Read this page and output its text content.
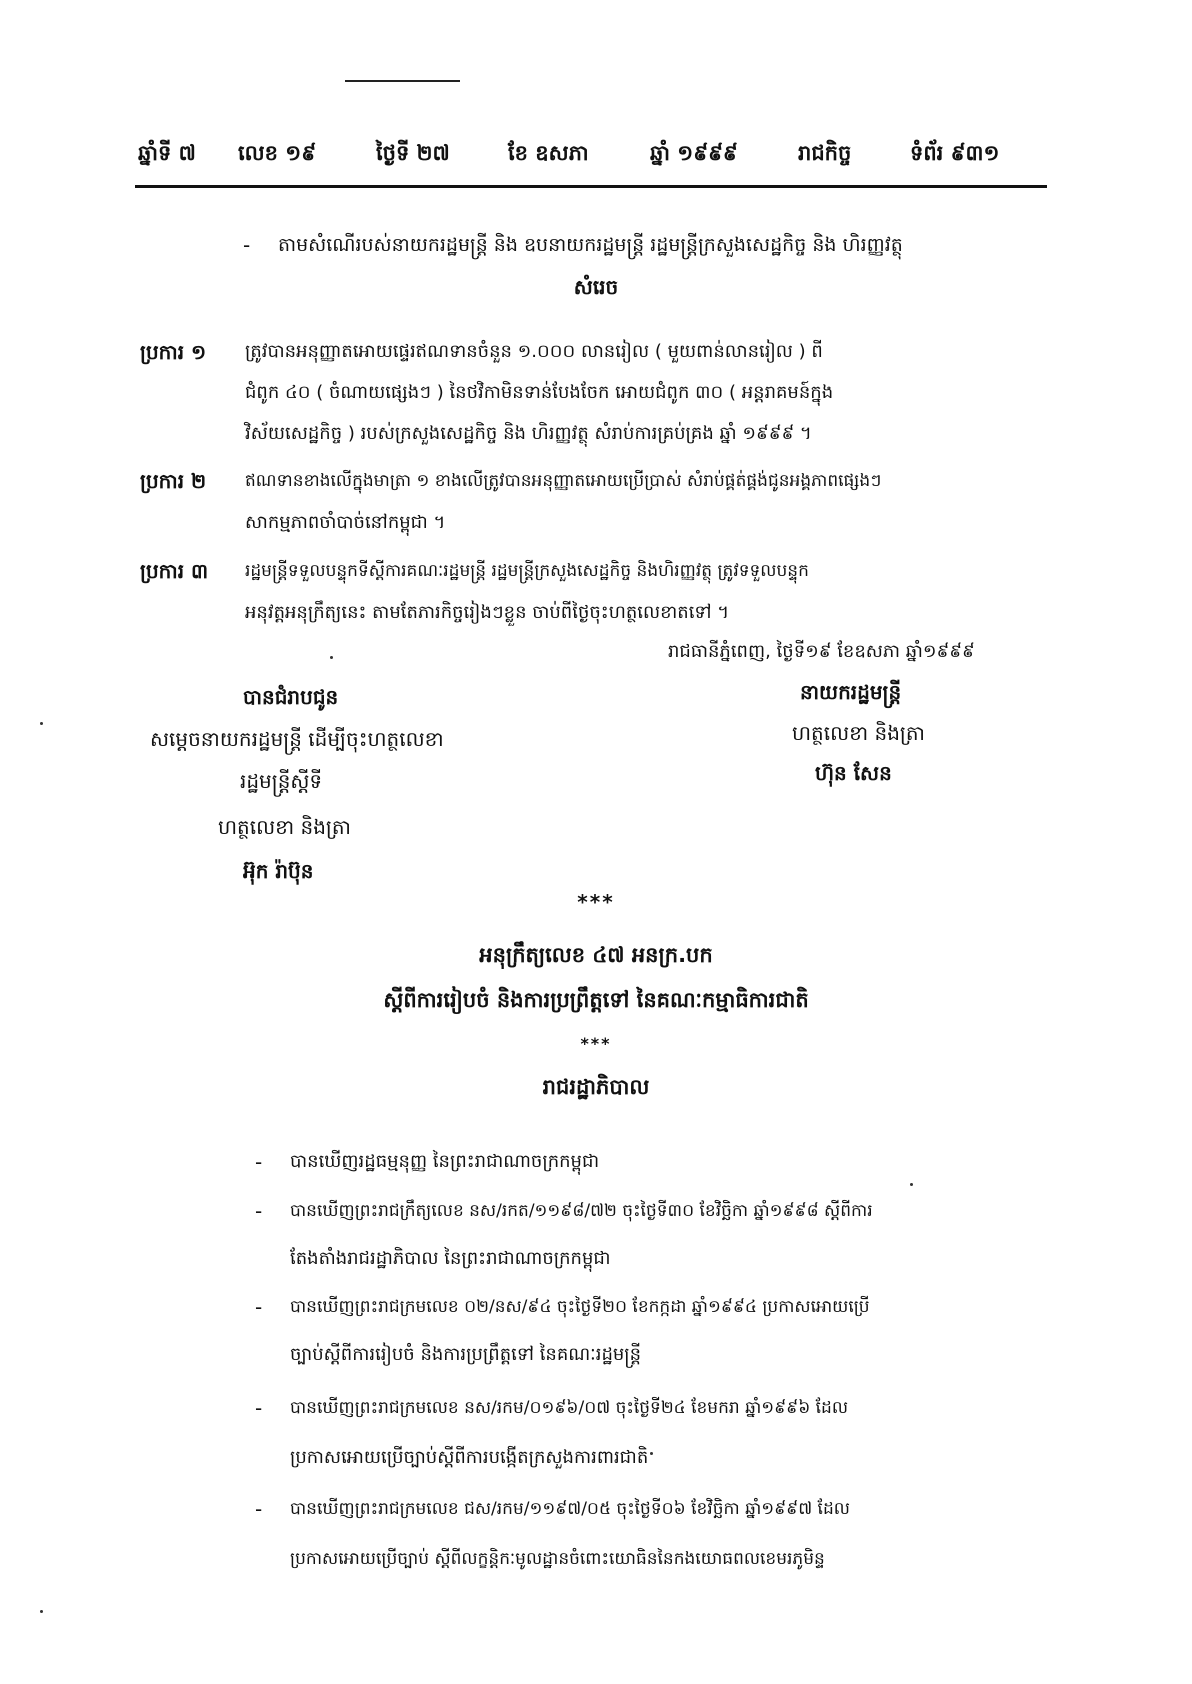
ឆ្នាំទី ៧ លេខ ១៩	ថ្ងៃទី ២៧	ខែ ឧសភា	ឆ្នាំ ១៩៩៩	រាជកិច្ច	ទំព័រ ៩៣១
- តាមសំណើរបស់នាយករដ្ឋមន្ត្រី និង ឧបនាយករដ្ឋមន្ត្រី រដ្ឋមន្ត្រីក្រសួងសេដ្ឋកិច្ច និង ហិរញ្ញវត្ថុ
សំរេច
ប្រការ ១ ត្រូវបានអនុញ្ញាតអោយផ្ទេរឥណទានចំនួន ១.០០០ លានរៀល ( មួយពាន់លានរៀល ) ពី
ជំពូក ៤០ ( ចំណាយផ្សេងៗ ) នៃថវិកាមិនទាន់បែងចែក អោយជំពូក ៣០ ( អន្តរាគមន៍ក្នុង
វិស័យសេដ្ឋកិច្ច ) របស់ក្រសួងសេដ្ឋកិច្ច និង ហិរញ្ញវត្ថុ សំរាប់ការគ្រប់គ្រង ឆ្នាំ ១៩៩៩ ។
ប្រការ ២ ឥណទានខាងលើក្នុងមាត្រា ១ ខាងលើត្រូវបានអនុញ្ញាតអោយប្រើប្រាស់ សំរាប់ផ្គត់ផ្គង់ជូនអង្គភាពផ្សេងៗ
សាកម្មភាពចាំបាច់នៅកម្ពុជា ។
ប្រការ ៣ រដ្ឋមន្ត្រីទទួលបន្ទុកទីស្ដីការគណៈរដ្ឋមន្ត្រី រដ្ឋមន្ត្រីក្រសួងសេដ្ឋកិច្ច និងហិរញ្ញវត្ថុ ត្រូវទទួលបន្ទុក
អនុវត្តអនុក្រឹត្យនេះ តាមតែភារកិច្ចរៀងៗខ្លួន ចាប់ពីថ្ងៃចុះហត្ថលេខាតទៅ ។
រាជធានីភ្នំពេញ, ថ្ងៃទី១៩ ខែឧសភា ឆ្នាំ១៩៩៩
នាយករដ្ឋមន្ត្រី
ហត្ថលេខា និងត្រា
ហ៊ុន សែន
បានជំរាបជូន
សម្តេចនាយករដ្ឋមន្ត្រី ដើម្បីចុះហត្ថលេខា
រដ្ឋមន្ត្រីស្ដីទី
ហត្ថលេខា និងត្រា
អ៊ុក រ៉ាប៊ុន
***
អនុក្រឹត្យលេខ ៤៧ អនក្រ.បក
ស្តីពីការរៀបចំ និងការប្រព្រឹត្តទៅ នៃគណៈកម្មាធិការជាតិ
***
រាជរដ្ឋាភិបាល
- បានឃើញរដ្ឋធម្មនុញ្ញ នៃព្រះរាជាណាចក្រកម្ពុជា
- បានឃើញព្រះរាជក្រឹត្យលេខ នស/រកត/១១៩៨/៧២ ចុះថ្ងៃទី៣០ ខែវិច្ឆិកា ឆ្នាំ១៩៩៨ ស្តីពីការ
តែងតាំងរាជរដ្ឋាភិបាល នៃព្រះរាជាណាចក្រកម្ពុជា
- បានឃើញព្រះរាជក្រមលេខ ០២/នស/៩៤ ចុះថ្ងៃទី២០ ខែកក្កដា ឆ្នាំ១៩៩៤ ប្រកាសអោយប្រើ
ច្បាប់ស្ដីពីការរៀបចំ និងការប្រព្រឹត្តទៅ នៃគណៈរដ្ឋមន្ត្រី
- បានឃើញព្រះរាជក្រមលេខ នស/រកម/០១៩៦/០៧ ចុះថ្ងៃទី២៤ ខែមករា ឆ្នាំ១៩៩៦ ដែល
ប្រកាសអោយប្រើច្បាប់ស្ដីពីការបង្កើតក្រសួងការពារជាតិ
- បានឃើញព្រះរាជក្រមលេខ ជស/រកម/១១៩៧/០៥ ចុះថ្ងៃទី០៦ ខែវិច្ឆិកា ឆ្នាំ១៩៩៧ ដែល
ប្រកាសអោយប្រើច្បាប់ ស្ដីពីលក្ខន្តិកៈមូលដ្ឋានចំពោះយោធិននៃកងយោធពលខេមរភូមិន្ទ
